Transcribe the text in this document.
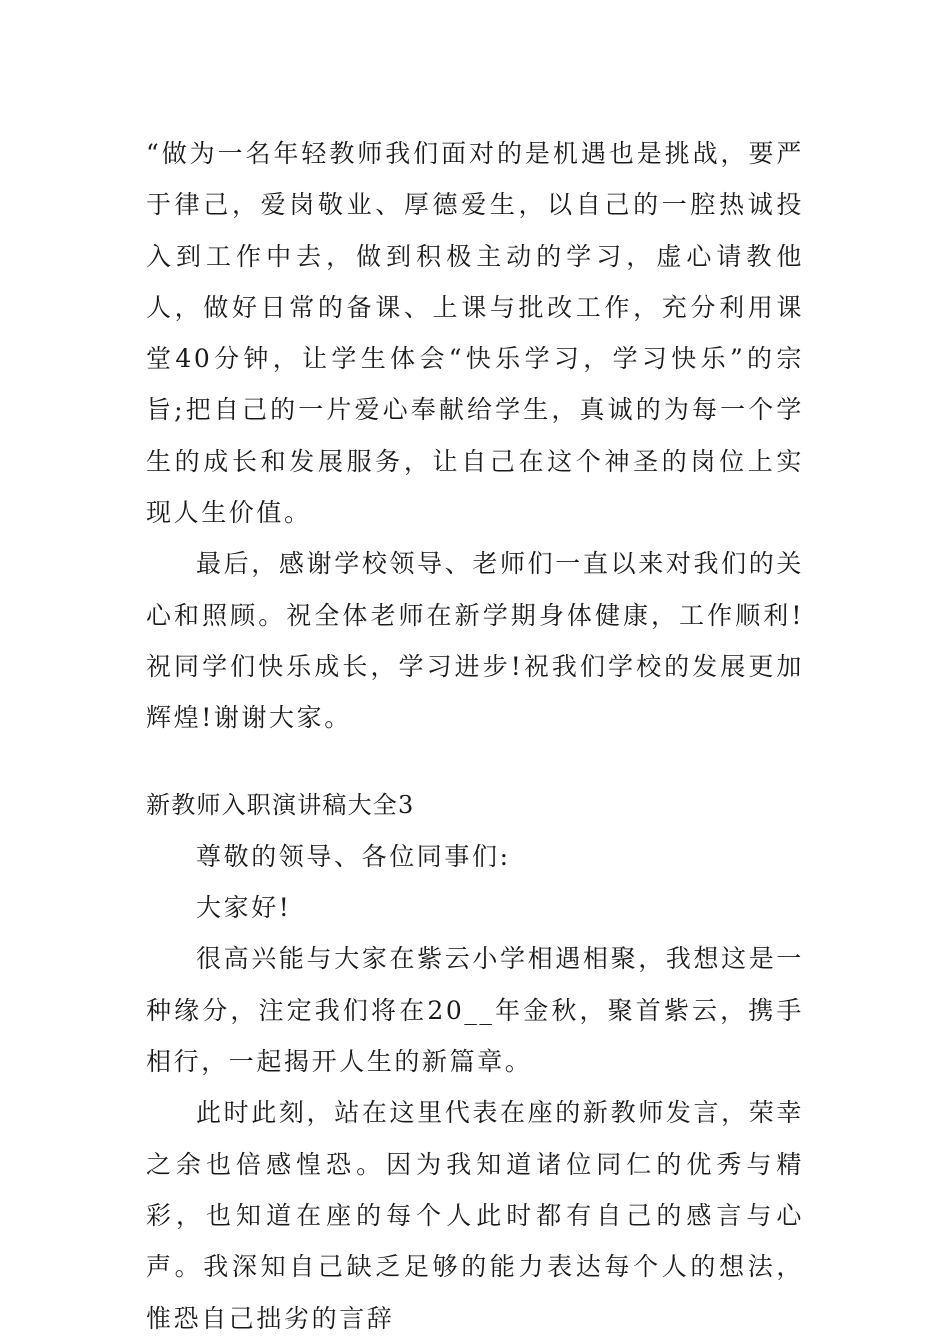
“做为一名年轻教师我们面对的是机遇也是挑战，要严于律己，爱岗敬业、厚德爱生，以自己的一腔热诚投入到工作中去，做到积极主动的学习，虚心请教他人，做好日常的备课、上课与批改工作，充分利用课堂40分钟，让学生体会“快乐学习，学习快乐”的宗旨;把自己的一片爱心奉献给学生，真诚的为每一个学生的成长和发展服务，让自己在这个神圣的岗位上实现人生价值。

最后，感谢学校领导、老师们一直以来对我们的关心和照顾。祝全体老师在新学期身体健康，工作顺利!祝同学们快乐成长，学习进步!祝我们学校的发展更加辉煌!谢谢大家。

新教师入职演讲稿大全3

尊敬的领导、各位同事们:

大家好!

很高兴能与大家在紫云小学相遇相聚，我想这是一种缘分，注定我们将在20__年金秋，聚首紫云，携手相行，一起揭开人生的新篇章。

此时此刻，站在这里代表在座的新教师发言，荣幸之余也倍感惶恐。因为我知道诸位同仁的优秀与精彩，也知道在座的每个人此时都有自己的感言与心声。我深知自己缺乏足够的能力表达每个人的想法，惟恐自己拙劣的言辞
